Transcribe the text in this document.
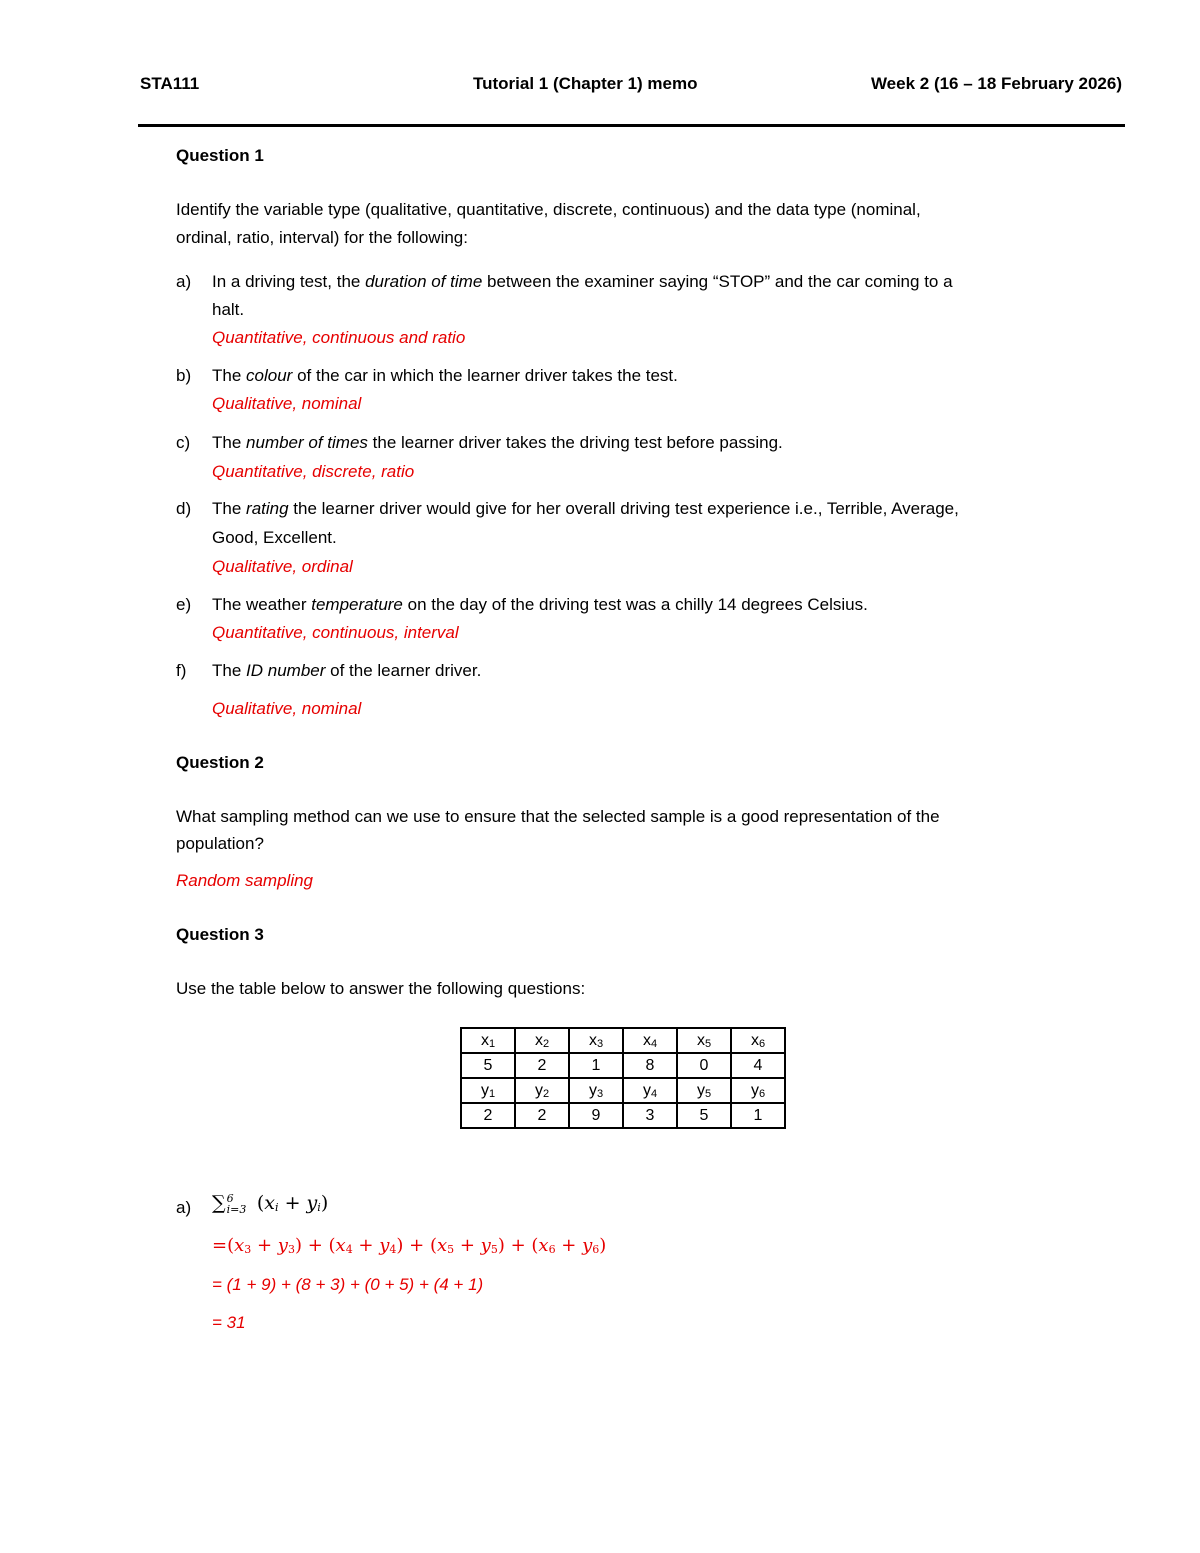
STA111	Tutorial 1 (Chapter 1) memo	Week 2 (16 – 18 February 2026)
Question 1
Identify the variable type (qualitative, quantitative, discrete, continuous) and the data type (nominal,
ordinal, ratio, interval) for the following:
a) In a driving test, the duration of time between the examiner saying “STOP” and the car coming to a
halt.
Quantitative, continuous and ratio
b) The colour of the car in which the learner driver takes the test.
Qualitative, nominal
c) The number of times the learner driver takes the driving test before passing.
Quantitative, discrete, ratio
d) The rating the learner driver would give for her overall driving test experience i.e., Terrible, Average,
Good, Excellent.
Qualitative, ordinal
e) The weather temperature on the day of the driving test was a chilly 14 degrees Celsius.
Quantitative, continuous, interval
f) The ID number of the learner driver.
Qualitative, nominal
Question 2
What sampling method can we use to ensure that the selected sample is a good representation of the
population?
Random sampling
Question 3
Use the table below to answer the following questions:
$x_1$	$x_2$	$x_3$	$x_4$	$x_5$	$x_6$
5	2	1	8	0	4
$y_1$	$y_2$	$y_3$	$y_4$	$y_5$	$y_6$
2	2	9	3	5	1
a) ∑ 6
i=3 $(x_i + y_i)$
$=(x_3 + y_3) + (x_4 + y_4) + (x_5 + y_5) + (x_6 + y_6)$
= (1 + 9) + (8 + 3) + (0 + 5) + (4 + 1)
= 31
